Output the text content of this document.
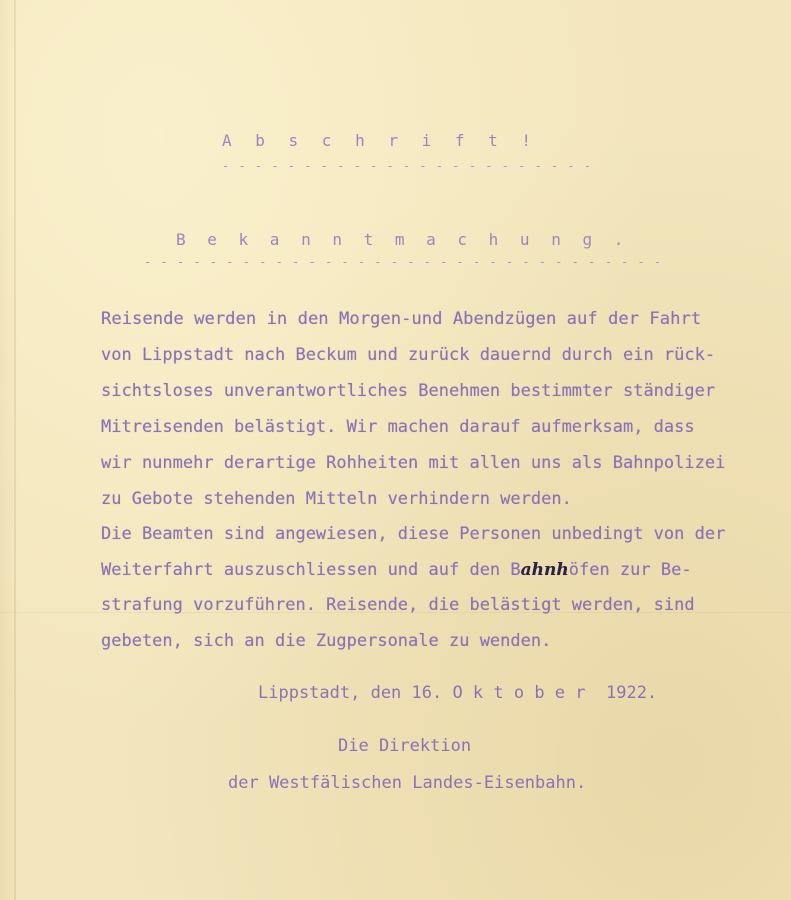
A b s c h r i f t !
- - - - - - - - - - - - - - - - - - - - - - -
B e k a n n t m a c h u n g .
- - - - - - - - - - - - - - - - - - - - - - - - - - - - - - - -
Reisende werden in den Morgen-und Abendzügen auf der Fahrt
von Lippstadt nach Beckum und zurück dauernd durch ein rück-
sichtsloses unverantwortliches Benehmen bestimmter ständiger
Mitreisenden belästigt. Wir machen darauf aufmerksam, dass
wir nunmehr derartige Rohheiten mit allen uns als Bahnpolizei
zu Gebote stehenden Mitteln verhindern werden.
Die Beamten sind angewiesen, diese Personen unbedingt von der
Weiterfahrt auszuschliessen und auf den Bahnhöfen zur Be-
strafung vorzuführen. Reisende, die belästigt werden, sind
gebeten, sich an die Zugpersonale zu wenden.
Lippstadt, den 16. O k t o b e r  1922.
Die Direktion
der Westfälischen Landes-Eisenbahn.
